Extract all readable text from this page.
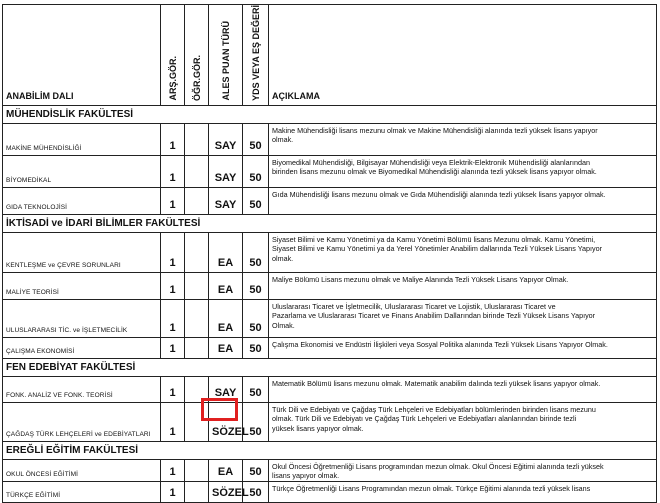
ANABİLİM DALI	ARŞ.GÖR.	ÖĞR.GÖR.	ALES PUAN TÜRÜ	YDS VEYA EŞ DEĞERİ	AÇIKLAMA
MÜHENDİSLİK FAKÜLTESİ					
MAKİNE MÜHENDİSLİĞİ	1		SAY	50	Makine Mühendisliği lisans mezunu olmak ve Makine Mühendisliği alanında tezli yüksek lisans yapıyor
olmak.

BİYOMEDİKAL	1		SAY	50	Biyomedikal Mühendisliği, Bilgisayar Mühendisliği veya Elektrik-Elektronik Mühendisliği alanlarından
birinden lisans mezunu olmak ve Biyomedikal Mühendisliği alanında tezli yüksek lisans yapıyor olmak.

GIDA TEKNOLOJİSİ	1		SAY	50	Gıda Mühendisliği lisans mezunu olmak ve Gıda Mühendisliği alanında tezli yüksek lisans yapıyor olmak.

İKTİSADİ ve İDARİ BİLİMLER FAKÜLTESİ					
KENTLEŞME ve ÇEVRE SORUNLARI	1		EA	50	Siyaset Bilimi ve Kamu Yönetimi ya da Kamu Yönetimi Bölümü lisans Mezunu olmak. Kamu Yönetimi,
Siyaset Bilimi ve Kamu Yönetimi ya da Yerel Yönetimler Anabilim dallarında Tezli Yüksek Lisans Yapıyor
olmak.

MALİYE TEORİSİ	1		EA	50	Maliye Bölümü Lisans mezunu olmak ve Maliye Alanında Tezli Yüksek Lisans Yapıyor Olmak.

ULUSLARARASI TİC. ve İŞLETMECİLİK	1		EA	50	Uluslararası Ticaret ve İşletmecilik, Uluslararası Ticaret ve Lojistik, Uluslararası Ticaret ve
Pazarlama ve Uluslararası Ticaret ve Finans Anabilim Dallarından birinde Tezli Yüksek Lisans Yapıyor
Olmak.

ÇALIŞMA EKONOMİSİ	1		EA	50	Çalışma Ekonomisi ve Endüstri İlişkileri veya Sosyal Politika alanında Tezli Yüksek Lisans Yapıyor Olmak.

FEN EDEBİYAT FAKÜLTESİ					
FONK. ANALİZ VE FONK. TEORİSİ	1		SAY	50	Matematik Bölümü lisans mezunu olmak. Matematik anabilim dalında tezli yüksek lisans yapıyor olmak.

ÇAĞDAŞ TÜRK LEHÇELERİ ve EDEBİYATLARI	1		SÖZEL	50	Türk Dili ve Edebiyatı ve Çağdaş Türk Lehçeleri ve Edebiyatları bölümlerinden birinden lisans mezunu
olmak. Türk Dili ve Edebiyatı ve Çağdaş Türk Lehçeleri ve Edebiyatları alanlarından birinde tezli
yüksek lisans yapıyor olmak.

EREĞLİ EĞİTİM FAKÜLTESİ					
OKUL ÖNCESİ EĞİTİMİ	1		EA	50	Okul Öncesi Öğretmenliği Lisans programından mezun olmak. Okul Öncesi Eğitimi alanında tezli yüksek
lisans yapıyor olmak.

TÜRKÇE EĞİTİMİ	1		SÖZEL	50	Türkçe Öğretmenliği Lisans Programından mezun olmak. Türkçe Eğitimi alanında tezli yüksek lisans
